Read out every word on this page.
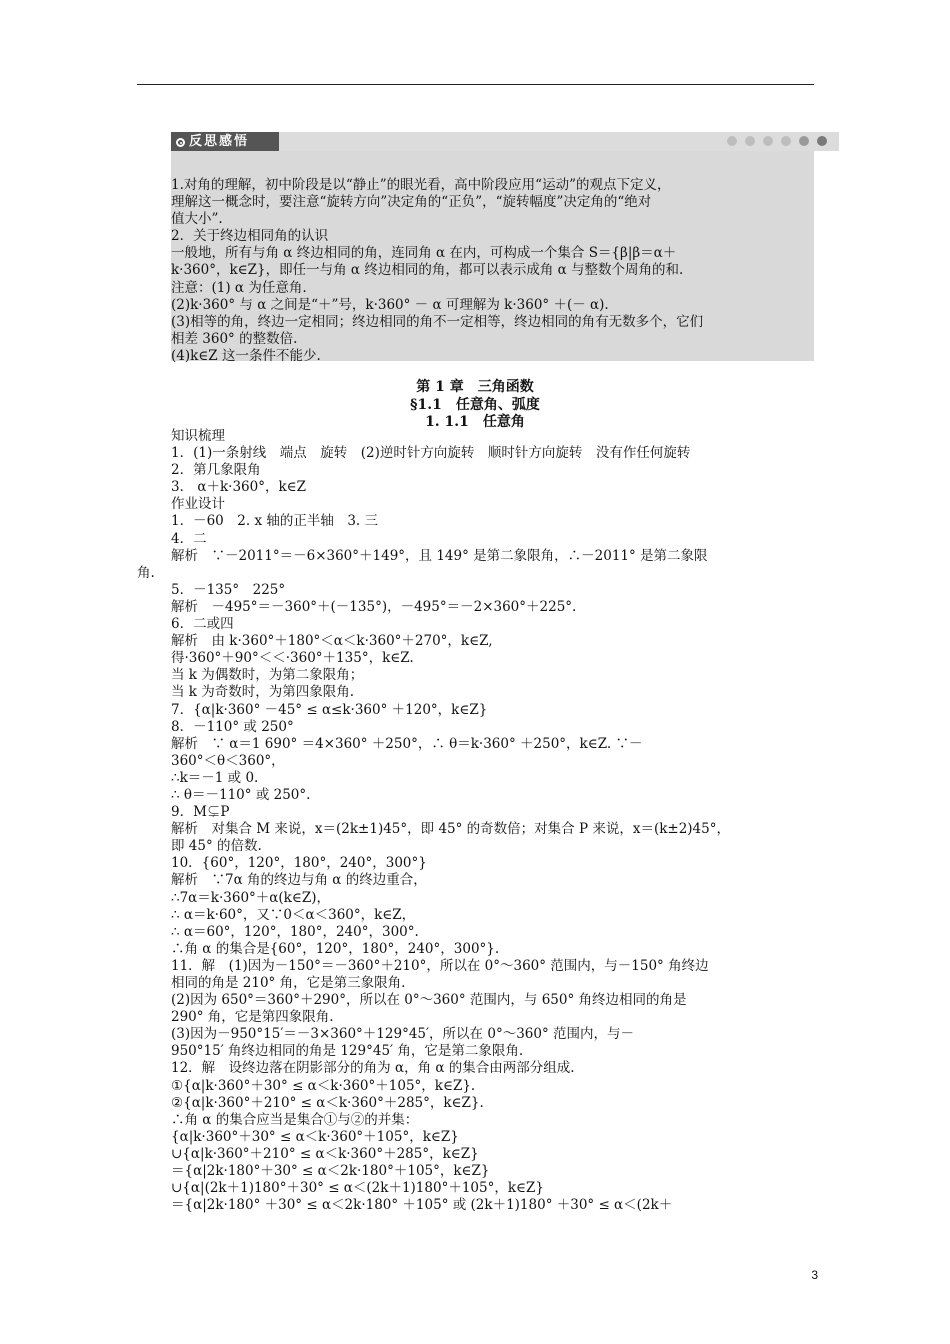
反思感悟
1.对角的理解，初中阶段是以“静止”的眼光看，高中阶段应用“运动”的观点下定义，
理解这一概念时，要注意“旋转方向”决定角的“正负”，“旋转幅度”决定角的“绝对
值大小”.
2．关于终边相同角的认识
一般地，所有与角 α 终边相同的角，连同角 α 在内，可构成一个集合 S＝{β|β＝α＋
k·360°，k∈Z}，即任一与角 α 终边相同的角，都可以表示成角 α 与整数个周角的和.
注意：(1) α 为任意角.
(2)k·360° 与 α 之间是“＋”号，k·360° － α 可理解为 k·360° ＋(－ α).
(3)相等的角，终边一定相同；终边相同的角不一定相等，终边相同的角有无数多个，它们
相差 360° 的整数倍.
(4)k∈Z 这一条件不能少.
第 1 章　三角函数
§1.1　任意角、弧度
1. 1.1　任意角
知识梳理
1．(1)一条射线　端点　旋转　(2)逆时针方向旋转　顺时针方向旋转　没有作任何旋转
2．第几象限角
3． α＋k·360°，k∈Z
作业设计
1．－60　2. x 轴的正半轴　3. 三
4．二
解析　∵－2011°＝－6×360°＋149°，且 149° 是第二象限角，∴－2011° 是第二象限
角.
5．－135°　225°
解析　－495°＝－360°＋(－135°)，－495°＝－2×360°＋225°.
6．二或四
解析　由 k·360°＋180°＜α＜k·360°＋270°，k∈Z,
得·360°＋90°＜＜·360°＋135°，k∈Z.
当 k 为偶数时，为第二象限角；
当 k 为奇数时，为第四象限角.
7．{α|k·360° －45° ≤ α≤k·360° ＋120°，k∈Z}
8．－110° 或 250°
解析　∵ α＝1 690° ＝4×360° ＋250°，∴ θ＝k·360° ＋250°，k∈Z. ∵－
360°＜θ＜360°，
∴k＝－1 或 0.
∴ θ＝－110° 或 250°.
9．M⊊P
解析　对集合 M 来说，x＝(2k±1)45°，即 45° 的奇数倍；对集合 P 来说，x＝(k±2)45°，
即 45° 的倍数.
10．{60°，120°，180°，240°，300°}
解析　∵7α 角的终边与角 α 的终边重合，
∴7α＝k·360°＋α(k∈Z)，
∴ α＝k·60°，又∵0＜α＜360°，k∈Z，
∴ α＝60°，120°，180°，240°，300°.
∴角 α 的集合是{60°，120°，180°，240°，300°}.
11．解　(1)因为－150°＝－360°＋210°，所以在 0°～360° 范围内，与－150° 角终边
相同的角是 210° 角，它是第三象限角.
(2)因为 650°＝360°＋290°，所以在 0°～360° 范围内，与 650° 角终边相同的角是
290° 角，它是第四象限角.
(3)因为－950°15′＝－3×360°＋129°45′，所以在 0°～360° 范围内，与－
950°15′ 角终边相同的角是 129°45′ 角，它是第二象限角.
12．解　设终边落在阴影部分的角为 α，角 α 的集合由两部分组成.
①{α|k·360°＋30° ≤ α＜k·360°＋105°，k∈Z}.
②{α|k·360°＋210° ≤ α＜k·360°＋285°，k∈Z}.
∴角 α 的集合应当是集合①与②的并集：
{α|k·360°＋30° ≤ α＜k·360°＋105°，k∈Z}
∪{α|k·360°＋210° ≤ α＜k·360°＋285°，k∈Z}
＝{α|2k·180°＋30° ≤ α＜2k·180°＋105°，k∈Z}
∪{α|(2k＋1)180°＋30° ≤ α＜(2k＋1)180°＋105°，k∈Z}
＝{α|2k·180° ＋30° ≤ α＜2k·180° ＋105° 或 (2k＋1)180° ＋30° ≤ α＜(2k＋
3
